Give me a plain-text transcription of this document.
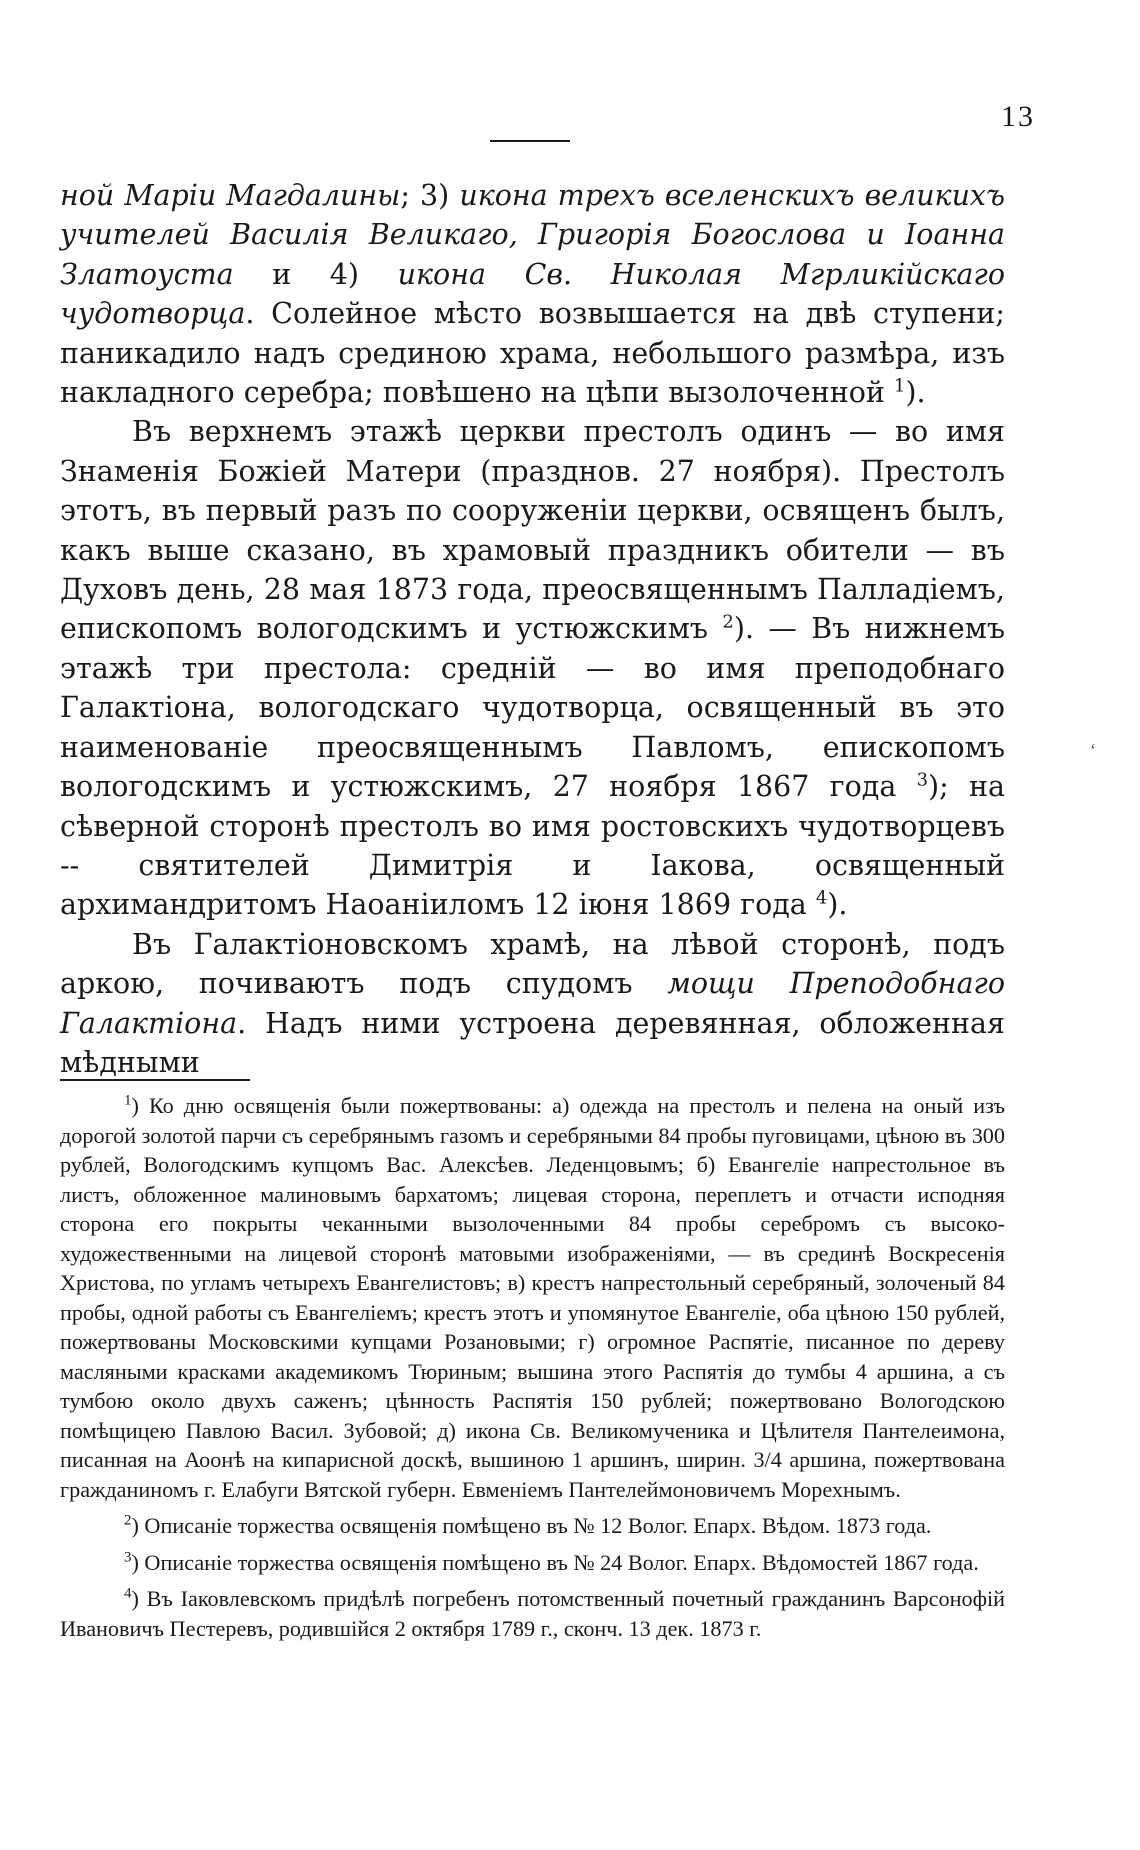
13

ной Маріи Магдалины; 3) икона трехъ вселенскихъ великихъ учителей Василія Великаго, Григорія Богослова и Іоанна Златоуста и 4) икона Св. Николая Мгрликійскаго чудотворца. Солейное мѣсто возвышается на двѣ ступени; паникадило надъ срединою храма, небольшого размѣра, изъ накладного серебра; повѣшено на цѣпи вызолоченной $^1$).

Въ верхнемъ этажѣ церкви престолъ одинъ — во имя Знаменія Божіей Матери (празднов. 27 ноября). Престолъ этотъ, въ первый разъ по сооруженіи церкви, освященъ былъ, какъ выше сказано, въ храмовый праздникъ обители — въ Духовъ день, 28 мая 1873 года, преосвященнымъ Палладіемъ, епископомъ вологодскимъ и устюжскимъ $^2$). — Въ нижнемъ этажѣ три престола: средній — во имя преподобнаго Галактіона, вологодскаго чудотворца, освященный въ это наименованіе преосвященнымъ Павломъ, епископомъ вологодскимъ и устюжскимъ, 27 ноября 1867 года $^3$); на сѣверной сторонѣ престолъ во имя ростовскихъ чудотворцевъ -- святителей Димитрія и Іакова, освященный архимандритомъ Наоаніиломъ 12 іюня 1869 года $^4$).

Въ Галактіоновскомъ храмѣ, на лѣвой сторонѣ, подъ аркою, почиваютъ подъ спудомъ мощи Преподобнаго Галактіона. Надъ ними устроена деревянная, обложенная мѣдными

$^1$) Ко дню освященія были пожертвованы: а) одежда на престолъ и пелена на оный изъ дорогой золотой парчи съ серебрянымъ газомъ и серебряными 84 пробы пуговицами, цѣною въ 300 рублей, Вологодскимъ купцомъ Вас. Алексѣев. Леденцовымъ; б) Евангеліе напрестольное въ листъ, обложенное малиновымъ бархатомъ; лицевая сторона, переплетъ и отчасти исподняя сторона его покрыты чеканными вызолоченными 84 пробы серебромъ съ высоко-художественными на лицевой сторонѣ матовыми изображеніями, — въ срединѣ Воскресенія Христова, по угламъ четырехъ Евангелистовъ; в) крестъ напрестольный серебряный, золоченый 84 пробы, одной работы съ Евангеліемъ; крестъ этотъ и упомянутое Евангеліе, оба цѣною 150 рублей, пожертвованы Московскими купцами Розановыми; г) огромное Распятіе, писанное по дереву масляными красками академикомъ Тюриным; вышина этого Распятія до тумбы 4 аршина, а съ тумбою около двухъ саженъ; цѣнность Распятія 150 рублей; пожертвовано Вологодскою помѣщицею Павлою Васил. Зубовой; д) икона Св. Великомученика и Цѣлителя Пантелеимона, писанная на Аоонѣ на кипарисной доскѣ, вышиною 1 аршинъ, ширин. 3/4 аршина, пожертвована гражданиномъ г. Елабуги Вятской губерн. Евменіемъ Пантелеймоновичемъ Морехнымъ.

$^2$) Описаніе торжества освященія помѣщено въ № 12 Волог. Епарх. Вѣдом. 1873 года.

$^3$) Описаніе торжества освященія помѣщено въ № 24 Волог. Епарх. Вѣдомостей 1867 года.

$^4$) Въ Іаковлевскомъ придѣлѣ погребенъ потомственный почетный гражданинъ Варсонофій Ивановичъ Пестеревъ, родившійся 2 октября 1789 г., сконч. 13 дек. 1873 г.

‘
